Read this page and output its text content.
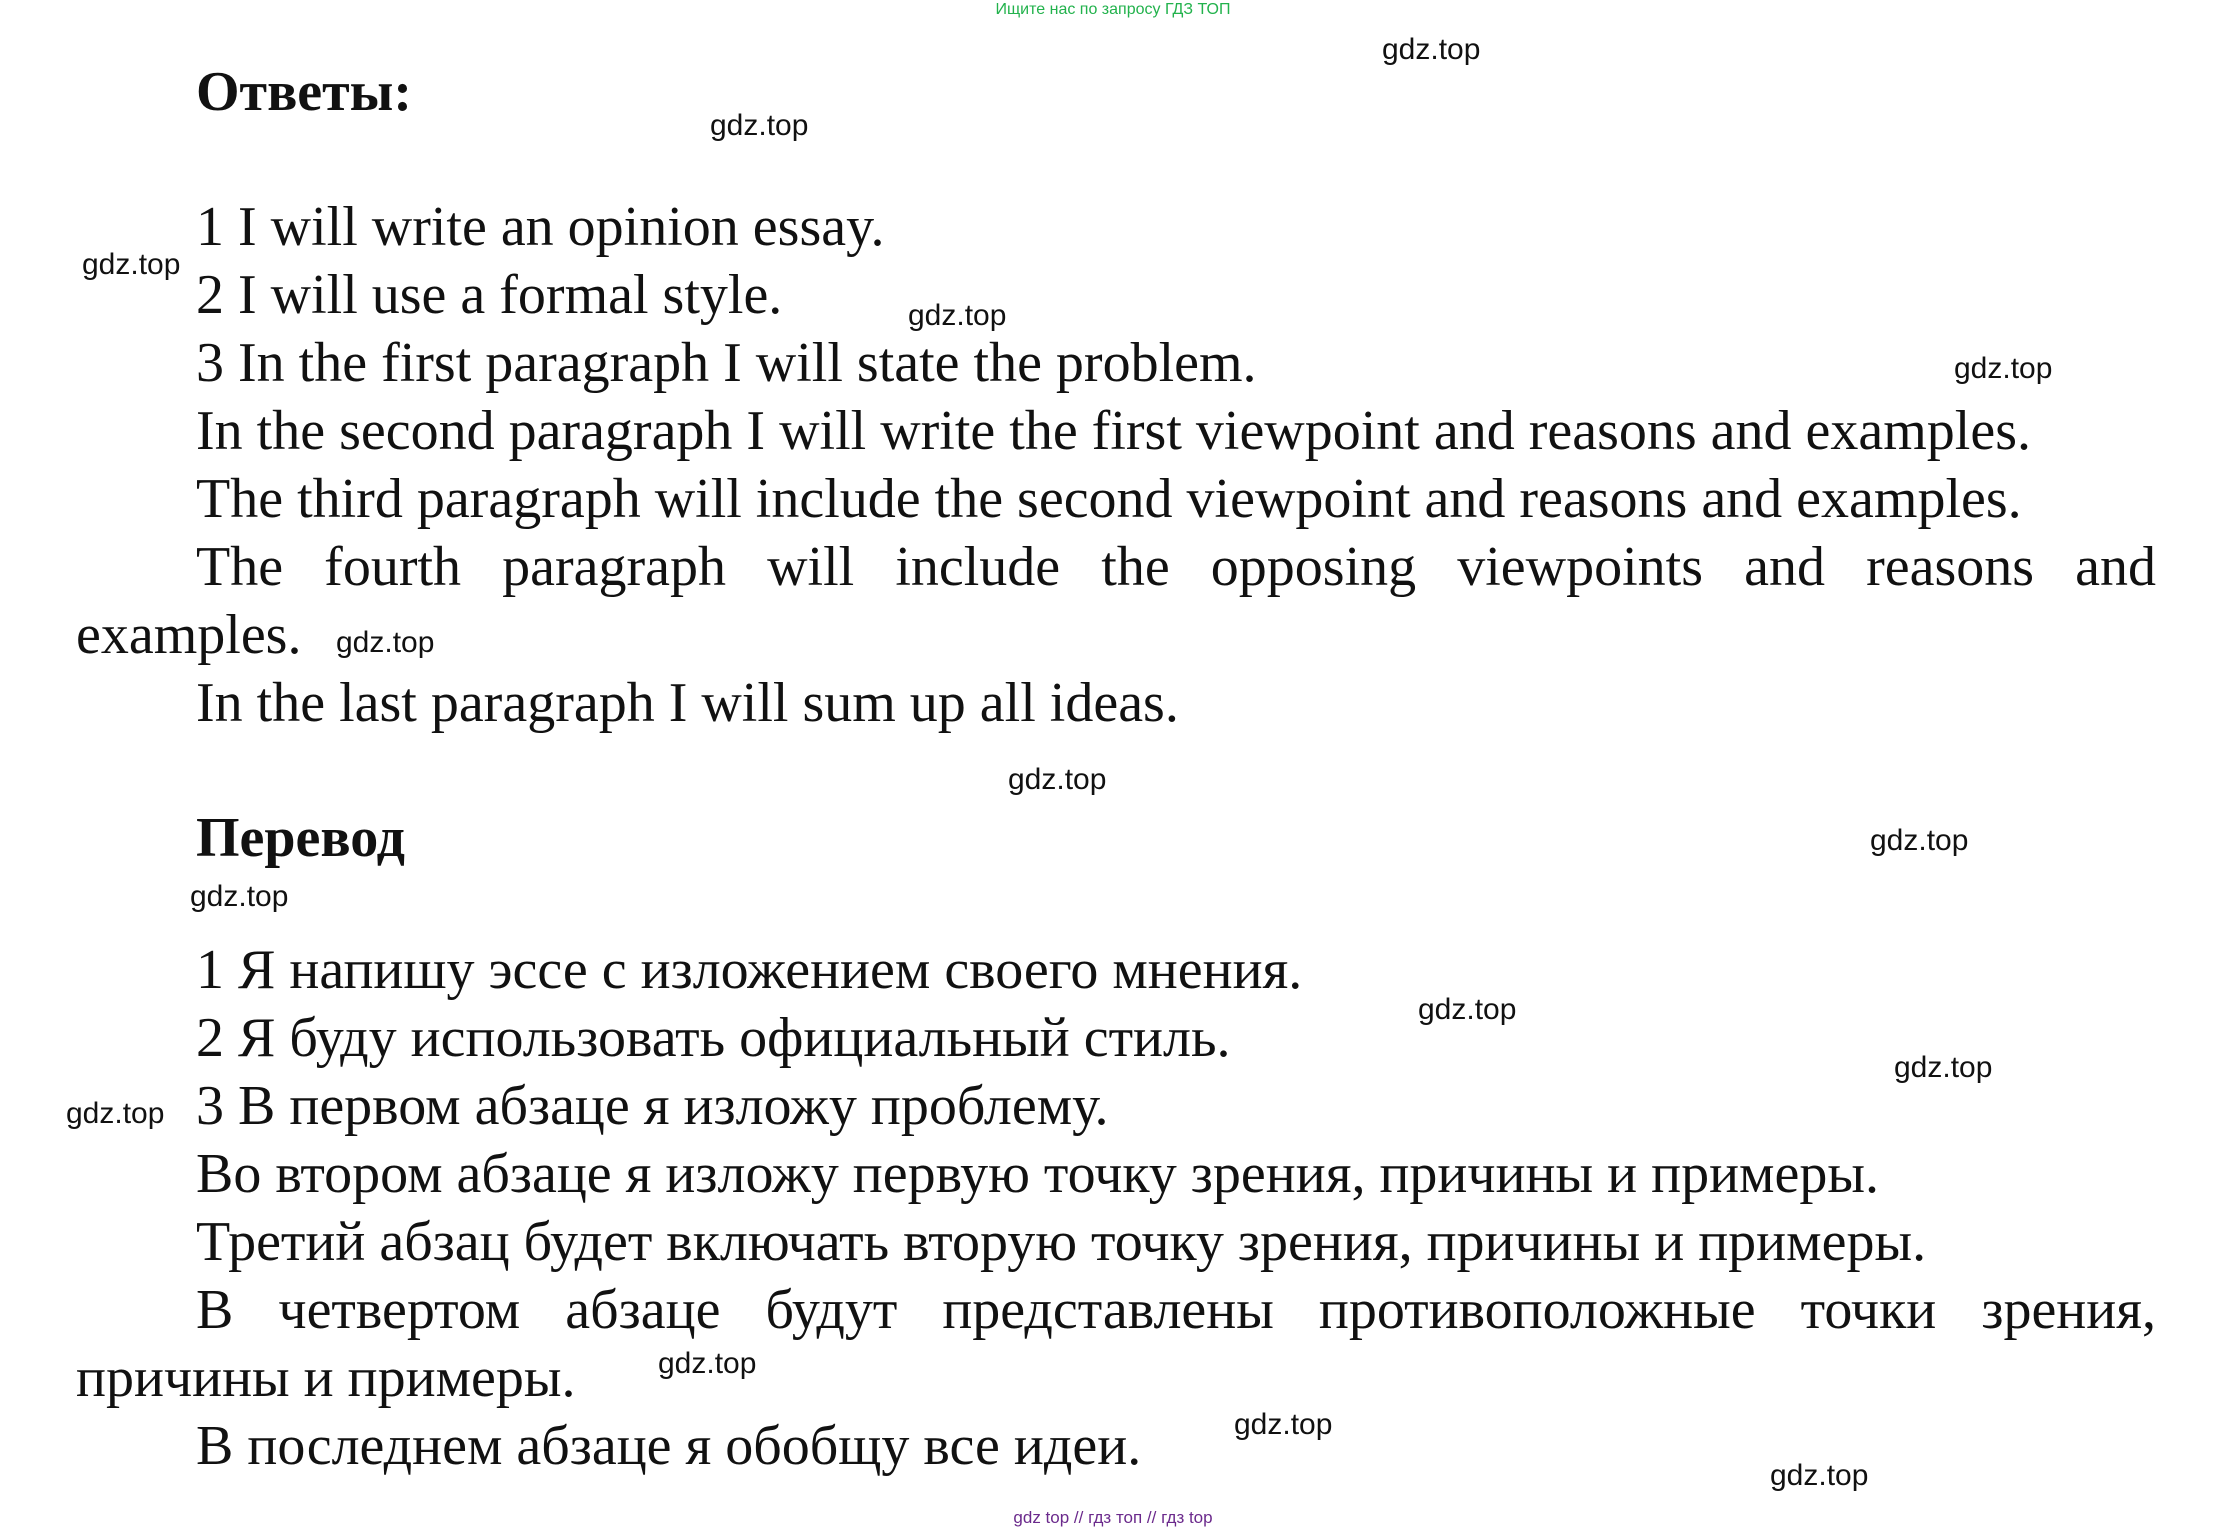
Ищите нас по запросу ГДЗ ТОП
Ответы:
1 I will write an opinion essay.
2 I will use a formal style.
3 In the first paragraph I will state the problem.
In the second paragraph I will write the first viewpoint and reasons and examples.
The third paragraph will include the second viewpoint and reasons and examples.
The fourth paragraph will include the opposing viewpoints and reasons and
examples.
In the last paragraph I will sum up all ideas.
Перевод
1 Я напишу эссе с изложением своего мнения.
2 Я буду использовать официальный стиль.
3 В первом абзаце я изложу проблему.
Во втором абзаце я изложу первую точку зрения, причины и примеры.
Третий абзац будет включать вторую точку зрения, причины и примеры.
В четвертом абзаце будут представлены противоположные точки зрения,
причины и примеры.
В последнем абзаце я обобщу все идеи.
gdz.top
gdz.top
gdz.top
gdz.top
gdz.top
gdz.top
gdz.top
gdz.top
gdz.top
gdz.top
gdz.top
gdz.top
gdz.top
gdz.top
gdz.top
gdz top // гдз топ // гдз top
